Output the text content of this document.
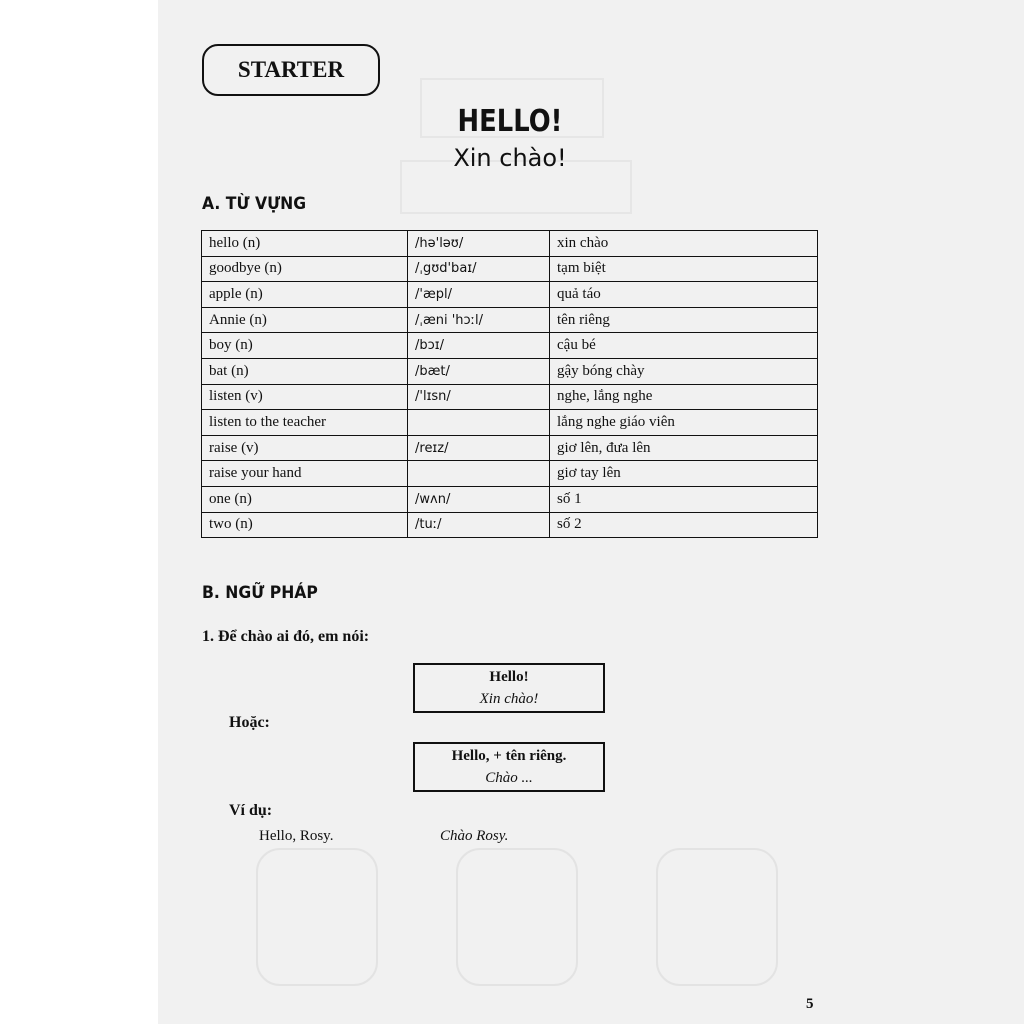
STARTER
HELLO!
Xin chào!
A. TỪ VỰNG
hello (n)	/hə'ləʊ/	xin chào
goodbye (n)	/ˌgʊd'baɪ/	tạm biệt
apple (n)	/'æpl/	quả táo
Annie (n)	/ˌæni 'hɔːl/	tên riêng
boy (n)	/bɔɪ/	cậu bé
bat (n)	/bæt/	gậy bóng chày
listen (v)	/'lɪsn/	nghe, lắng nghe
listen to the teacher		lắng nghe giáo viên
raise (v)	/reɪz/	giơ lên, đưa lên
raise your hand		giơ tay lên
one (n)	/wʌn/	số 1
two (n)	/tuː/	số 2
B. NGỮ PHÁP
1. Để chào ai đó, em nói:
Hello!
Xin chào!
Hoặc:
Hello, + tên riêng.
Chào ...
Ví dụ:
Hello, Rosy.	Chào Rosy.
5
